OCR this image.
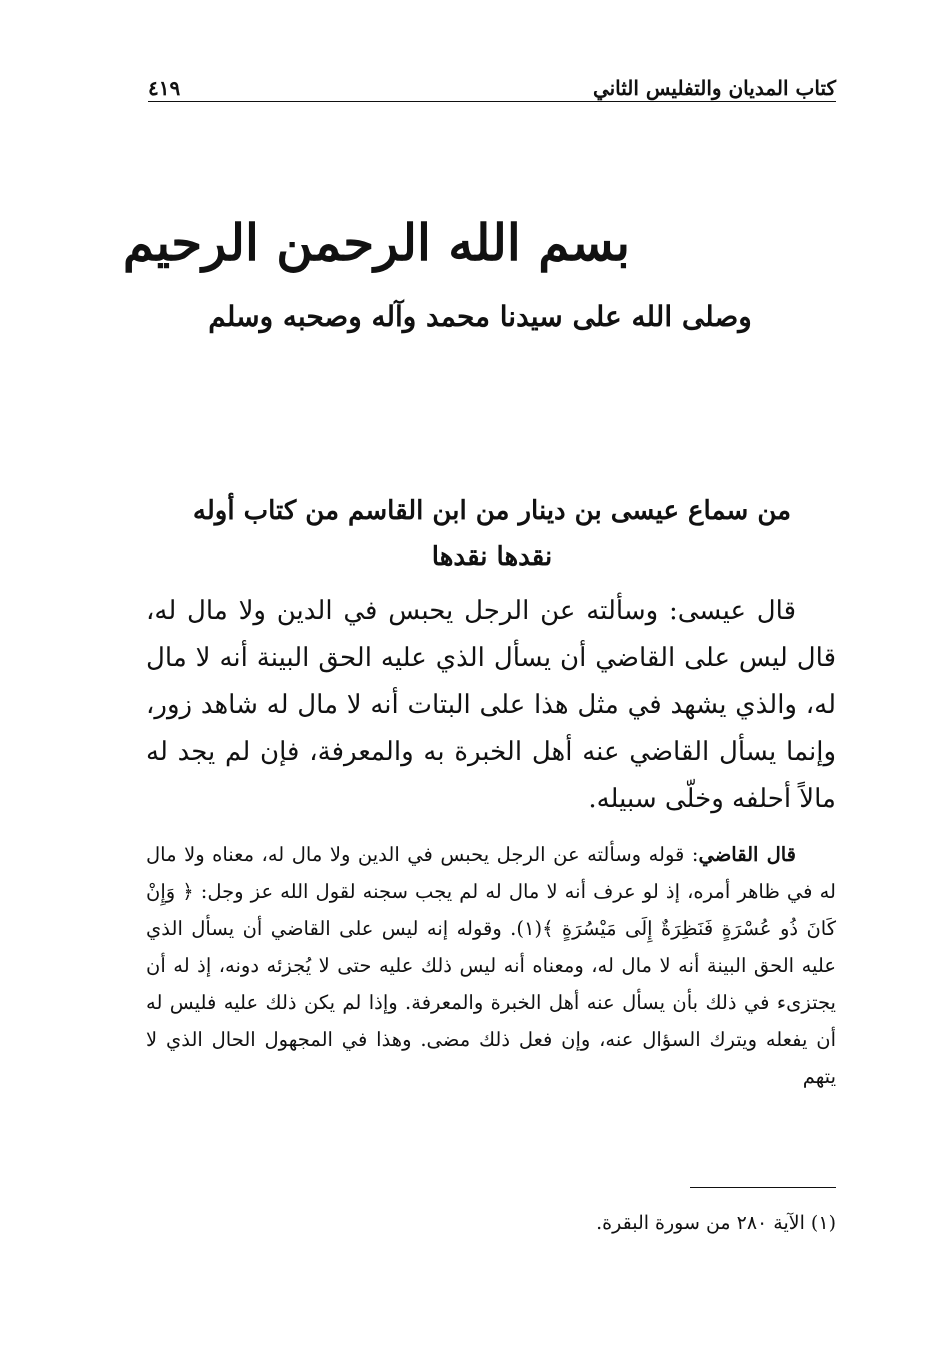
كتاب المديان والتفليس الثاني
٤١٩
بسم الله الرحمن الرحيم
وصلى الله على سيدنا محمد وآله وصحبه وسلم
من سماع عيسى بن دينار من ابن القاسم من كتاب أوله
نقدها نقدها
قال عيسى: وسألته عن الرجل يحبس في الدين ولا مال له، قال ليس على القاضي أن يسأل الذي عليه الحق البينة أنه لا مال له، والذي يشهد في مثل هذا على البتات أنه لا مال له شاهد زور، وإنما يسأل القاضي عنه أهل الخبرة به والمعرفة، فإن لم يجد له مالاً أحلفه وخلّى سبيله.
قال القاضي: قوله وسألته عن الرجل يحبس في الدين ولا مال له، معناه ولا مال له في ظاهر أمره، إذ لو عرف أنه لا مال له لم يجب سجنه لقول الله عز وجل: ﴿ وَإِنْ كَانَ ذُو عُسْرَةٍ فَنَظِرَةٌ إِلَى مَيْسُرَةٍ ﴾(١). وقوله إنه ليس على القاضي أن يسأل الذي عليه الحق البينة أنه لا مال له، ومعناه أنه ليس ذلك عليه حتى لا يُجزئه دونه، إذ له أن يجتزىء في ذلك بأن يسأل عنه أهل الخبرة والمعرفة. وإذا لم يكن ذلك عليه فليس له أن يفعله ويترك السؤال عنه، وإن فعل ذلك مضى. وهذا في المجهول الحال الذي لا يتهم
(١) الآية ٢٨٠ من سورة البقرة.
